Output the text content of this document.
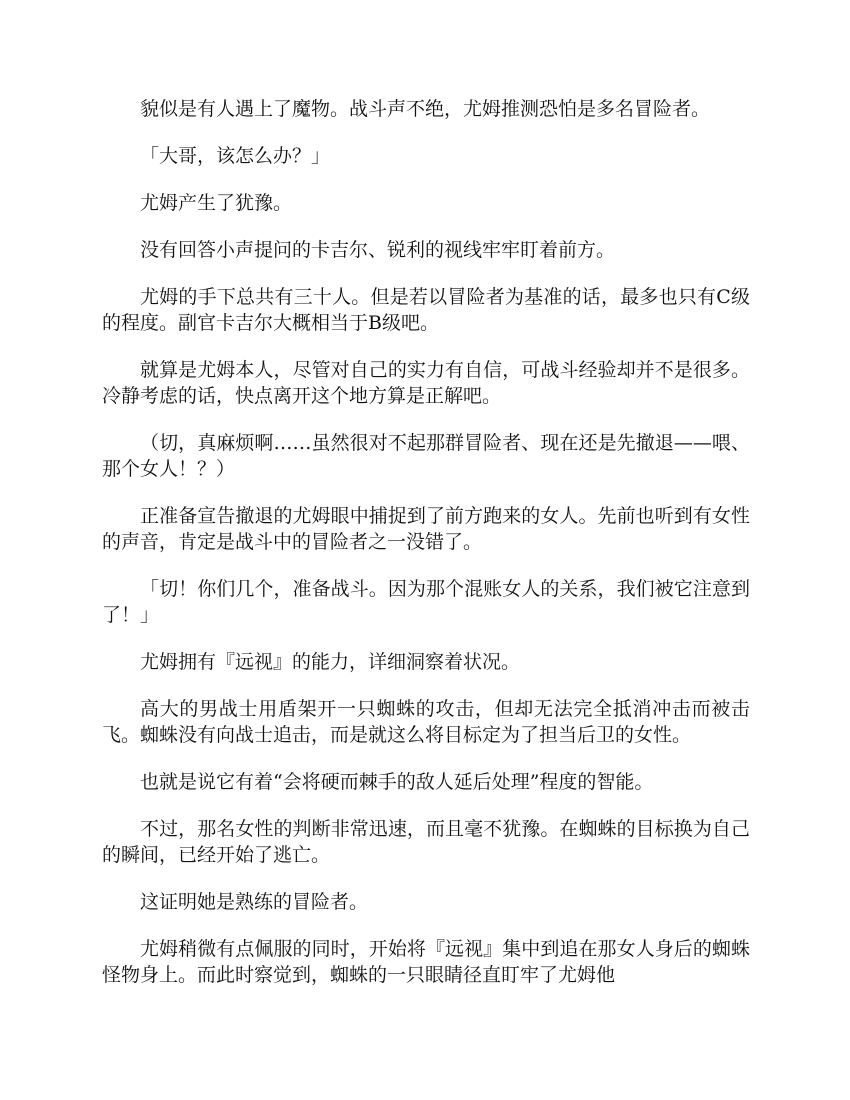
貌似是有人遇上了魔物。战斗声不绝，尤姆推测恐怕是多名冒险者。

「大哥，该怎么办？」

尤姆产生了犹豫。

没有回答小声提问的卡吉尔、锐利的视线牢牢盯着前方。

尤姆的手下总共有三十人。但是若以冒险者为基准的话，最多也只有C级的程度。副官卡吉尔大概相当于B级吧。

就算是尤姆本人，尽管对自己的实力有自信，可战斗经验却并不是很多。冷静考虑的话，快点离开这个地方算是正解吧。

（切，真麻烦啊……虽然很对不起那群冒险者、现在还是先撤退——喂、那个女人！？）

正准备宣告撤退的尤姆眼中捕捉到了前方跑来的女人。先前也听到有女性的声音，肯定是战斗中的冒险者之一没错了。

「切！你们几个，准备战斗。因为那个混账女人的关系，我们被它注意到了！」

尤姆拥有『远视』的能力，详细洞察着状况。

高大的男战士用盾架开一只蜘蛛的攻击，但却无法完全抵消冲击而被击飞。蜘蛛没有向战士追击，而是就这么将目标定为了担当后卫的女性。

也就是说它有着“会将硬而棘手的敌人延后处理”程度的智能。

不过，那名女性的判断非常迅速，而且毫不犹豫。在蜘蛛的目标换为自己的瞬间，已经开始了逃亡。

这证明她是熟练的冒险者。

尤姆稍微有点佩服的同时，开始将『远视』集中到追在那女人身后的蜘蛛怪物身上。而此时察觉到，蜘蛛的一只眼睛径直盯牢了尤姆他
